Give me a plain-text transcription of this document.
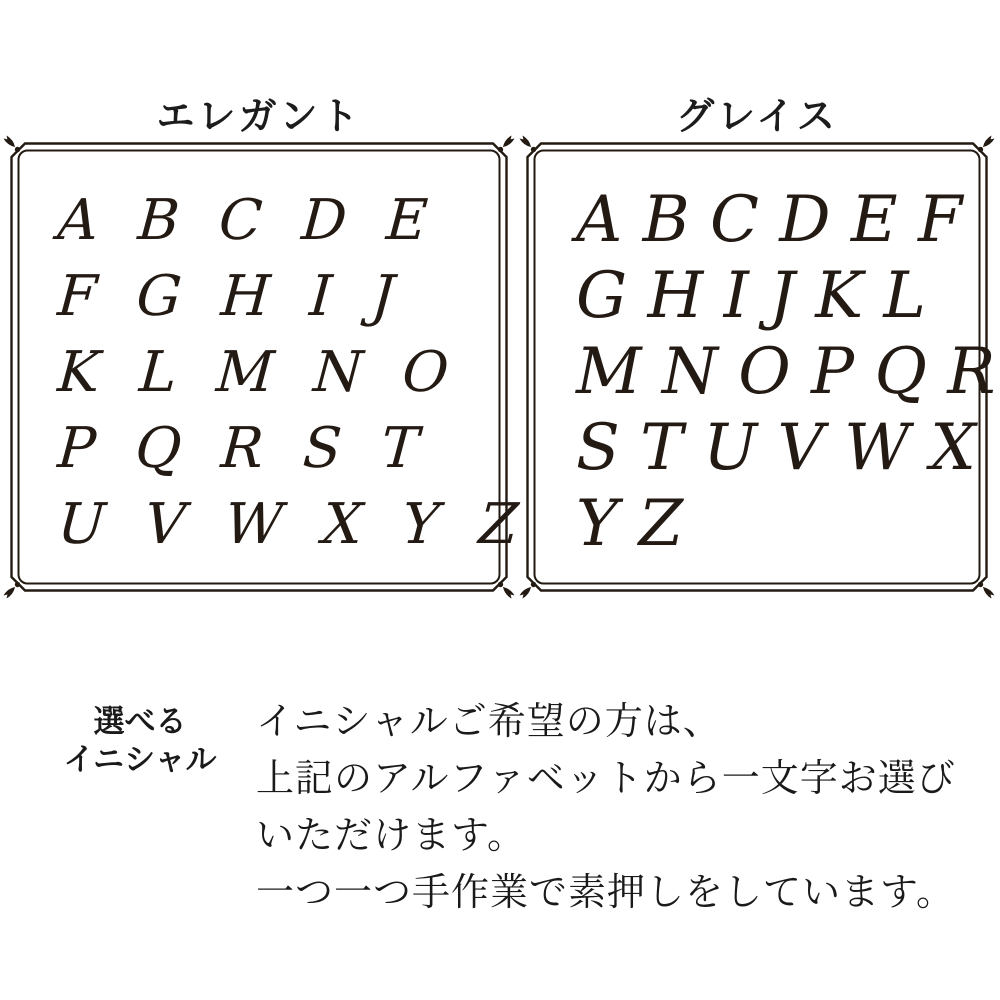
エレガント	グレイス
A B C D E
F G H I J
K L M N O
P Q R S T
U V W X Y Z
A B C D E F
G H I J K L
M N O P Q R
S T U V W X
Y Z
選べる
イニシャル
イニシャルご希望の方は、
上記のアルファベットから一文字お選び
いただけます。
一つ一つ手作業で素押しをしています。
